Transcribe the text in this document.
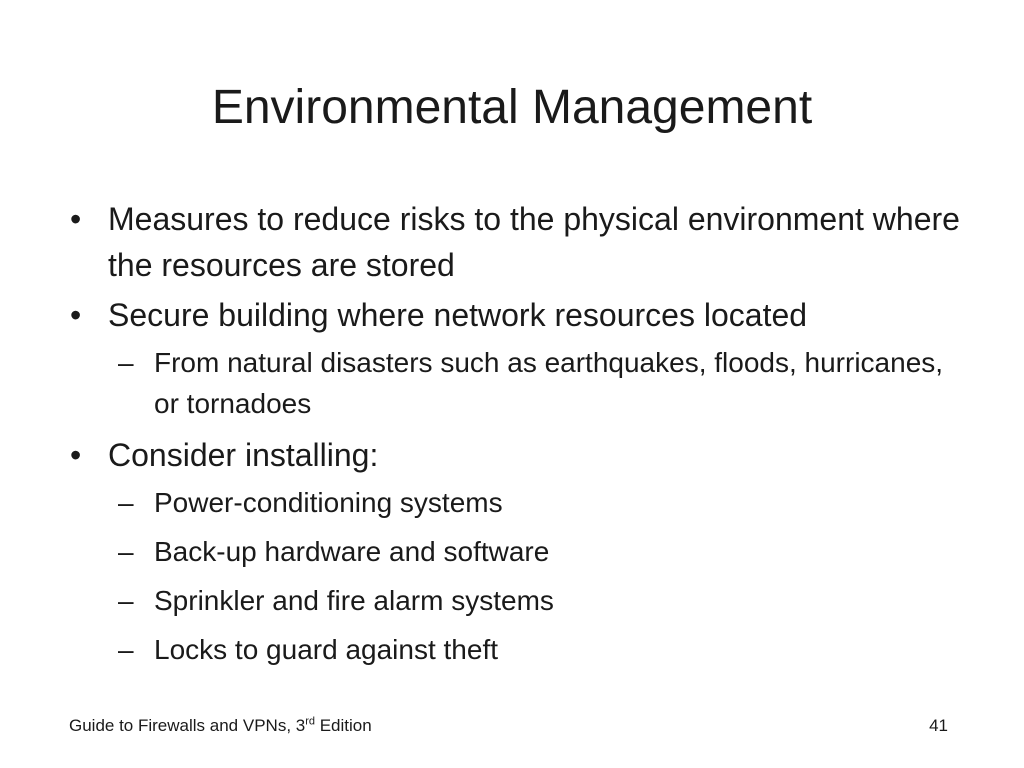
Environmental Management
• Measures to reduce risks to the physical environment where the resources are stored
• Secure building where network resources located
– From natural disasters such as earthquakes, floods, hurricanes, or tornadoes
• Consider installing:
– Power-conditioning systems
– Back-up hardware and software
– Sprinkler and fire alarm systems
– Locks to guard against theft
Guide to Firewalls and VPNs, 3rd Edition	41
